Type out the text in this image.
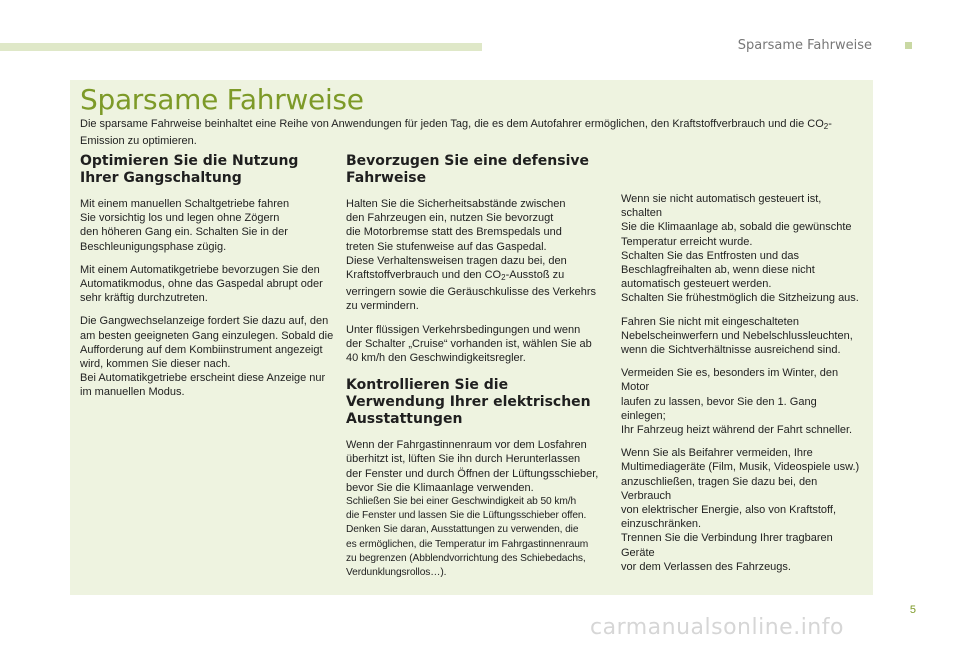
Sparsame Fahrweise
Sparsame Fahrweise

Die sparsame Fahrweise beinhaltet eine Reihe von Anwendungen für jeden Tag, die es dem Autofahrer ermöglichen, den Kraftstoffverbrauch und die $CO_2-$
Emission zu optimieren.

Optimieren Sie die Nutzung Ihrer Gangschaltung

Mit einem manuellen Schaltgetriebe fahren
Sie vorsichtig los und legen ohne Zögern
den höheren Gang ein. Schalten Sie in der
Beschleunigungsphase zügig.

Mit einem Automatikgetriebe bevorzugen Sie den
Automatikmodus, ohne das Gaspedal abrupt oder
sehr kräftig durchzutreten.

Die Gangwechselanzeige fordert Sie dazu auf, den
am besten geeigneten Gang einzulegen. Sobald die
Aufforderung auf dem Kombiinstrument angezeigt
wird, kommen Sie dieser nach.
Bei Automatikgetriebe erscheint diese Anzeige nur
im manuellen Modus.

Bevorzugen Sie eine defensive Fahrweise

Halten Sie die Sicherheitsabstände zwischen
den Fahrzeugen ein, nutzen Sie bevorzugt
die Motorbremse statt des Bremspedals und
treten Sie stufenweise auf das Gaspedal.
Diese Verhaltensweisen tragen dazu bei, den
Kraftstoffverbrauch und den $CO_2$-Ausstoß zu
verringern sowie die Geräuschkulisse des Verkehrs
zu vermindern.

Unter flüssigen Verkehrsbedingungen und wenn
der Schalter „Cruise“ vorhanden ist, wählen Sie ab
40 km/h den Geschwindigkeitsregler.

Kontrollieren Sie die Verwendung Ihrer elektrischen Ausstattungen

Wenn der Fahrgastinnenraum vor dem Losfahren
überhitzt ist, lüften Sie ihn durch Herunterlassen
der Fenster und durch Öffnen der Lüftungsschieber,
bevor Sie die Klimaanlage verwenden.

Schließen Sie bei einer Geschwindigkeit ab 50 km/h
die Fenster und lassen Sie die Lüftungsschieber offen.
Denken Sie daran, Ausstattungen zu verwenden, die
es ermöglichen, die Temperatur im Fahrgastinnenraum
zu begrenzen (Abblendvorrichtung des Schiebedachs,
Verdunklungsrollos…).

Wenn sie nicht automatisch gesteuert ist, schalten
Sie die Klimaanlage ab, sobald die gewünschte
Temperatur erreicht wurde.
Schalten Sie das Entfrosten und das
Beschlagfreihalten ab, wenn diese nicht
automatisch gesteuert werden.
Schalten Sie frühestmöglich die Sitzheizung aus.

Fahren Sie nicht mit eingeschalteten
Nebelscheinwerfern und Nebelschlussleuchten,
wenn die Sichtverhältnisse ausreichend sind.

Vermeiden Sie es, besonders im Winter, den Motor
laufen zu lassen, bevor Sie den 1. Gang einlegen;
Ihr Fahrzeug heizt während der Fahrt schneller.

Wenn Sie als Beifahrer vermeiden, Ihre
Multimediageräte (Film, Musik, Videospiele usw.)
anzuschließen, tragen Sie dazu bei, den Verbrauch
von elektrischer Energie, also von Kraftstoff,
einzuschränken.
Trennen Sie die Verbindung Ihrer tragbaren Geräte
vor dem Verlassen des Fahrzeugs.

5
carmanualsonline.info
